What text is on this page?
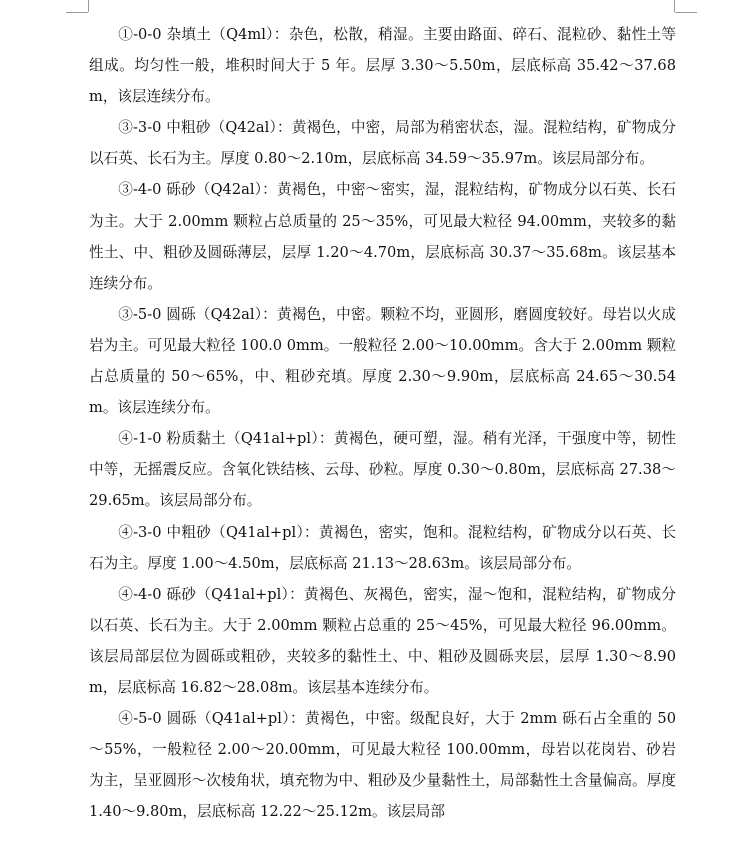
①-0-0 杂填土（Q4ml）：杂色，松散，稍湿。主要由路面、碎石、混粒砂、黏性土等组成。均匀性一般，堆积时间大于 5 年。层厚 3.30～5.50m，层底标高 35.42～37.68m，该层连续分布。

③-3-0 中粗砂（Q42al）：黄褐色，中密，局部为稍密状态，湿。混粒结构，矿物成分以石英、长石为主。厚度 0.80～2.10m，层底标高 34.59～35.97m。该层局部分布。

③-4-0 砾砂（Q42al）：黄褐色，中密～密实，湿，混粒结构，矿物成分以石英、长石为主。大于 2.00mm 颗粒占总质量的 25～35%，可见最大粒径 94.00mm，夹较多的黏性土、中、粗砂及圆砾薄层，层厚 1.20～4.70m，层底标高 30.37～35.68m。该层基本连续分布。

③-5-0 圆砾（Q42al）：黄褐色，中密。颗粒不均，亚圆形，磨圆度较好。母岩以火成岩为主。可见最大粒径 100.0 0mm。一般粒径 2.00～10.00mm。含大于 2.00mm 颗粒占总质量的 50～65%，中、粗砂充填。厚度 2.30～9.90m，层底标高 24.65～30.54m。该层连续分布。

④-1-0 粉质黏土（Q41al+pl）：黄褐色，硬可塑，湿。稍有光泽，干强度中等，韧性中等，无摇震反应。含氧化铁结核、云母、砂粒。厚度 0.30～0.80m，层底标高 27.38～29.65m。该层局部分布。

④-3-0 中粗砂（Q41al+pl）：黄褐色，密实，饱和。混粒结构，矿物成分以石英、长石为主。厚度 1.00～4.50m，层底标高 21.13～28.63m。该层局部分布。

④-4-0 砾砂（Q41al+pl）：黄褐色、灰褐色，密实，湿～饱和，混粒结构，矿物成分以石英、长石为主。大于 2.00mm 颗粒占总重的 25～45%，可见最大粒径 96.00mm。该层局部层位为圆砾或粗砂，夹较多的黏性土、中、粗砂及圆砾夹层，层厚 1.30～8.90m，层底标高 16.82～28.08m。该层基本连续分布。

④-5-0 圆砾（Q41al+pl）：黄褐色，中密。级配良好，大于 2mm 砾石占全重的 50～55%，一般粒径 2.00～20.00mm，可见最大粒径 100.00mm，母岩以花岗岩、砂岩为主，呈亚圆形～次棱角状，填充物为中、粗砂及少量黏性土，局部黏性土含量偏高。厚度 1.40～9.80m，层底标高 12.22～25.12m。该层局部
